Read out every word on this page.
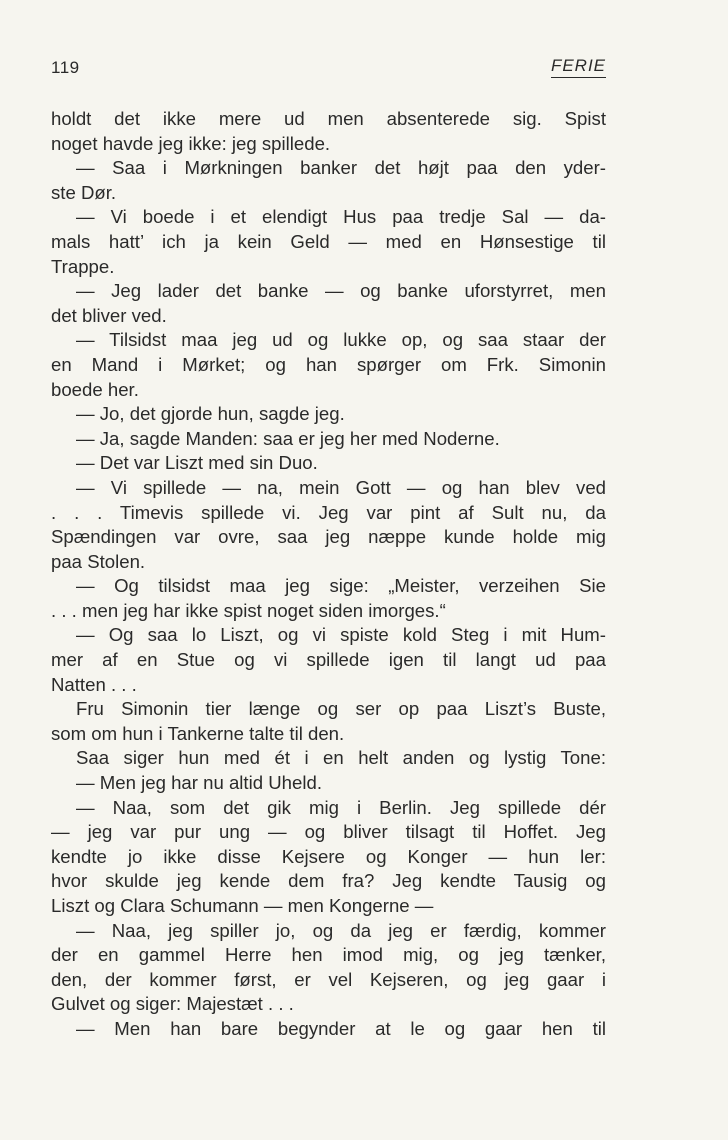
119	FERIE
holdt det ikke mere ud men absenterede sig. Spist
noget havde jeg ikke: jeg spillede.
— Saa i Mørkningen banker det højt paa den yder-
ste Dør.
— Vi boede i et elendigt Hus paa tredje Sal — da-
mals hatt’ ich ja kein Geld — med en Hønsestige til
Trappe.
— Jeg lader det banke — og banke uforstyrret, men
det bliver ved.
— Tilsidst maa jeg ud og lukke op, og saa staar der
en Mand i Mørket; og han spørger om Frk. Simonin
boede her.
— Jo, det gjorde hun, sagde jeg.
— Ja, sagde Manden: saa er jeg her med Noderne.
— Det var Liszt med sin Duo.
— Vi spillede — na, mein Gott — og han blev ved
. . . Timevis spillede vi. Jeg var pint af Sult nu, da
Spændingen var ovre, saa jeg næppe kunde holde mig
paa Stolen.
— Og tilsidst maa jeg sige: „Meister, verzeihen Sie
. . . men jeg har ikke spist noget siden imorges.“
— Og saa lo Liszt, og vi spiste kold Steg i mit Hum-
mer af en Stue og vi spillede igen til langt ud paa
Natten . . .
Fru Simonin tier længe og ser op paa Liszt’s Buste,
som om hun i Tankerne talte til den.
Saa siger hun med ét i en helt anden og lystig Tone:
— Men jeg har nu altid Uheld.
— Naa, som det gik mig i Berlin. Jeg spillede dér
— jeg var pur ung — og bliver tilsagt til Hoffet. Jeg
kendte jo ikke disse Kejsere og Konger — hun ler:
hvor skulde jeg kende dem fra? Jeg kendte Tausig og
Liszt og Clara Schumann — men Kongerne —
— Naa, jeg spiller jo, og da jeg er færdig, kommer
der en gammel Herre hen imod mig, og jeg tænker,
den, der kommer først, er vel Kejseren, og jeg gaar i
Gulvet og siger: Majestæt . . .
— Men han bare begynder at le og gaar hen til
